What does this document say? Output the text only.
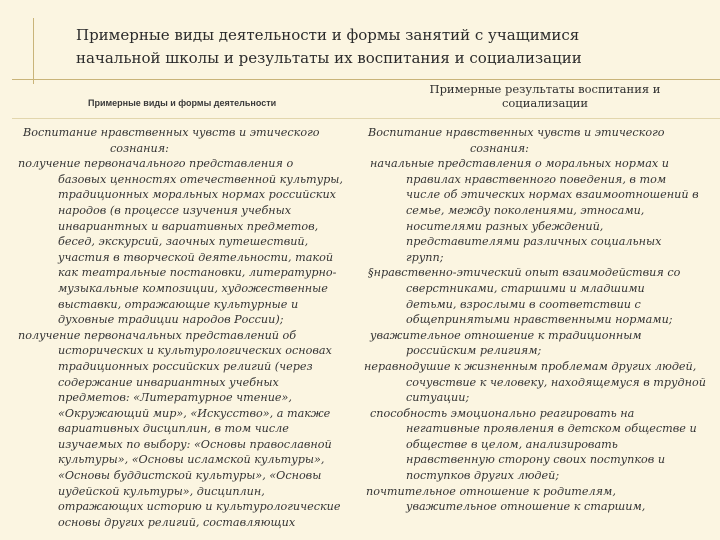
Примерные виды деятельности и формы занятий с учащимися
начальной школы и результаты их воспитания и социализации
Примерные виды и формы деятельности
Примерные результаты воспитания и
социализации
Воспитание нравственных чувств и этического
сознания:
получение первоначального представления о
базовых ценностях отечественной культуры,
традиционных моральных нормах российских
народов (в процессе изучения учебных
инвариантных и вариативных предметов,
бесед, экскурсий, заочных путешествий,
участия в творческой деятельности, такой
как театральные постановки, литературно-
музыкальные композиции, художественные
выставки, отражающие культурные и
духовные традиции народов России);
получение первоначальных представлений об
исторических и культурологических основах
традиционных российских религий (через
содержание инвариантных учебных
предметов: «Литературное чтение»,
«Окружающий мир», «Искусство», а также
вариативных дисциплин, в том числе
изучаемых по выбору: «Основы православной
культуры», «Основы исламской культуры»,
«Основы буддистской культуры», «Основы
иудейской культуры», дисциплин,
отражающих историю и культурологические
основы других религий, составляющих
Воспитание нравственных чувств и этического
сознания:
начальные представления о моральных нормах и
правилах нравственного поведения, в том
числе об этических нормах взаимоотношений в
семье, между поколениями, этносами,
носителями разных убеждений,
представителями различных социальных
групп;
§нравственно-этический опыт взаимодействия со
сверстниками, старшими и младшими
детьми, взрослыми в соответствии с
общепринятыми нравственными нормами;
уважительное отношение к традиционным
российским религиям;
неравнодушие к жизненным проблемам других людей,
сочувствие к человеку, находящемуся в трудной
ситуации;
способность эмоционально реагировать на
негативные проявления в детском обществе и
обществе в целом, анализировать
нравственную сторону своих поступков и
поступков других людей;
почтительное отношение к родителям,
уважительное отношение к старшим,
